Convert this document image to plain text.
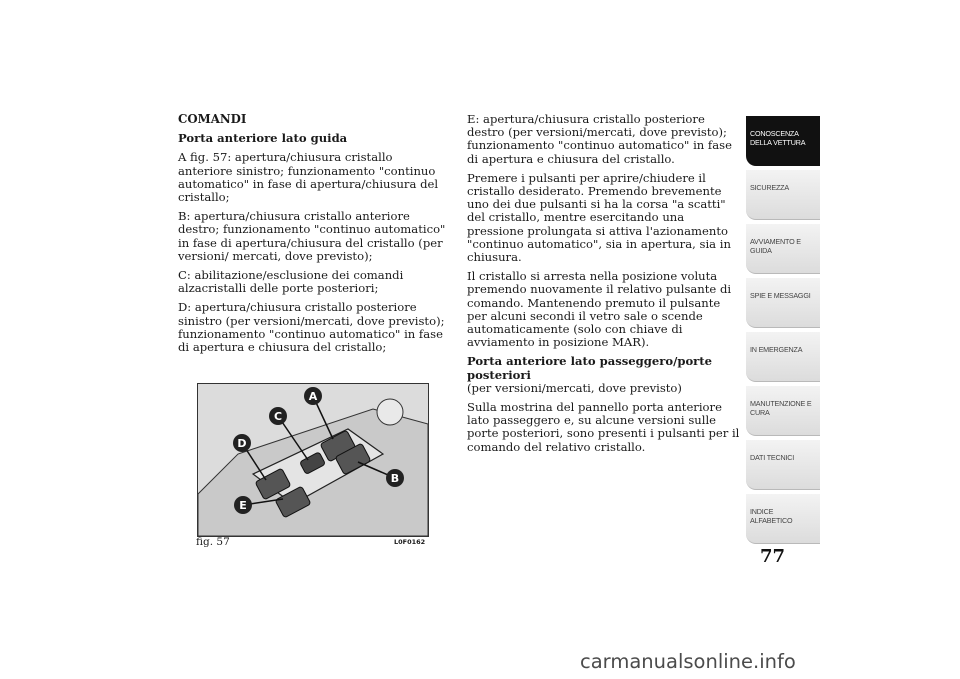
COMANDI

Porta anteriore lato guida

A fig. 57: apertura/chiusura cristallo anteriore sinistro; funzionamento "continuo automatico" in fase di apertura/chiusura del cristallo;

B: apertura/chiusura cristallo anteriore destro; funzionamento "continuo automatico" in fase di apertura/chiusura del cristallo (per versioni/ mercati, dove previsto);

C: abilitazione/esclusione dei comandi alzacristalli delle porte posteriori;

D: apertura/chiusura cristallo posteriore sinistro (per versioni/mercati, dove previsto); funzionamento "continuo automatico" in fase di apertura e chiusura del cristallo;

E: apertura/chiusura cristallo posteriore destro (per versioni/mercati, dove previsto); funzionamento "continuo automatico" in fase di apertura e chiusura del cristallo.

Premere i pulsanti per aprire/chiudere il cristallo desiderato. Premendo brevemente uno dei due pulsanti si ha la corsa "a scatti" del cristallo, mentre esercitando una pressione prolungata si attiva l'azionamento "continuo automatico", sia in apertura, sia in chiusura.

Il cristallo si arresta nella posizione voluta premendo nuovamente il relativo pulsante di comando. Mantenendo premuto il pulsante per alcuni secondi il vetro sale o scende automaticamente (solo con chiave di avviamento in posizione MAR).

Porta anteriore lato passeggero/porte posteriori

(per versioni/mercati, dove previsto)

Sulla mostrina del pannello porta anteriore lato passeggero e, su alcune versioni sulle porte posteriori, sono presenti i pulsanti per il comando del relativo cristallo.

A
B
C
D
E
fig. 57	L0F0162
CONOSCENZA
DELLA VETTURA
SICUREZZA
AVVIAMENTO E
GUIDA
SPIE E MESSAGGI
IN EMERGENZA
MANUTENZIONE E
CURA
DATI TECNICI
INDICE
ALFABETICO
77
carmanualsonline.info
